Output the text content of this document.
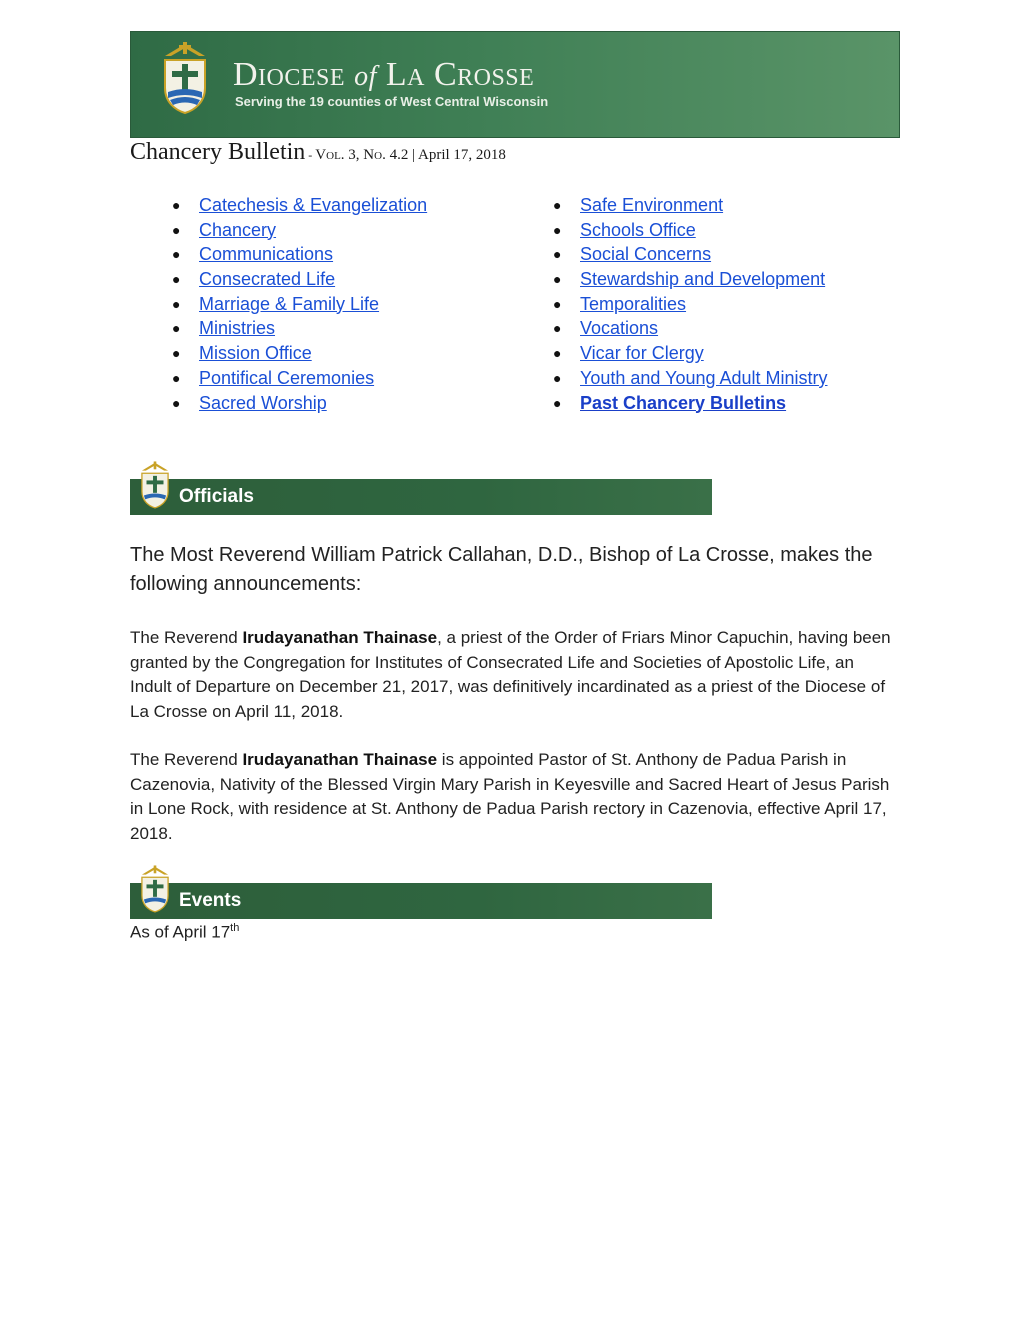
Diocese of La Crosse
Serving the 19 counties of West Central Wisconsin
Chancery Bulletin - Vol. 3, No. 4.2 | April 17, 2018
● Catechesis & Evangelization
● Chancery
● Communications
● Consecrated Life
● Marriage & Family Life
● Ministries
● Mission Office
● Pontifical Ceremonies
● Sacred Worship
● Safe Environment
● Schools Office
● Social Concerns
● Stewardship and Development
● Temporalities
● Vocations
● Vicar for Clergy
● Youth and Young Adult Ministry
● Past Chancery Bulletins
Officials
The Most Reverend William Patrick Callahan, D.D., Bishop of La Crosse, makes the following announcements:
The Reverend Irudayanathan Thainase, a priest of the Order of Friars Minor Capuchin, having been granted by the Congregation for Institutes of Consecrated Life and Societies of Apostolic Life, an Indult of Departure on December 21, 2017, was definitively incardinated as a priest of the Diocese of La Crosse on April 11, 2018.
The Reverend Irudayanathan Thainase is appointed Pastor of St. Anthony de Padua Parish in Cazenovia, Nativity of the Blessed Virgin Mary Parish in Keyesville and Sacred Heart of Jesus Parish in Lone Rock, with residence at St. Anthony de Padua Parish rectory in Cazenovia, effective April 17, 2018.
Events
As of April 17th
